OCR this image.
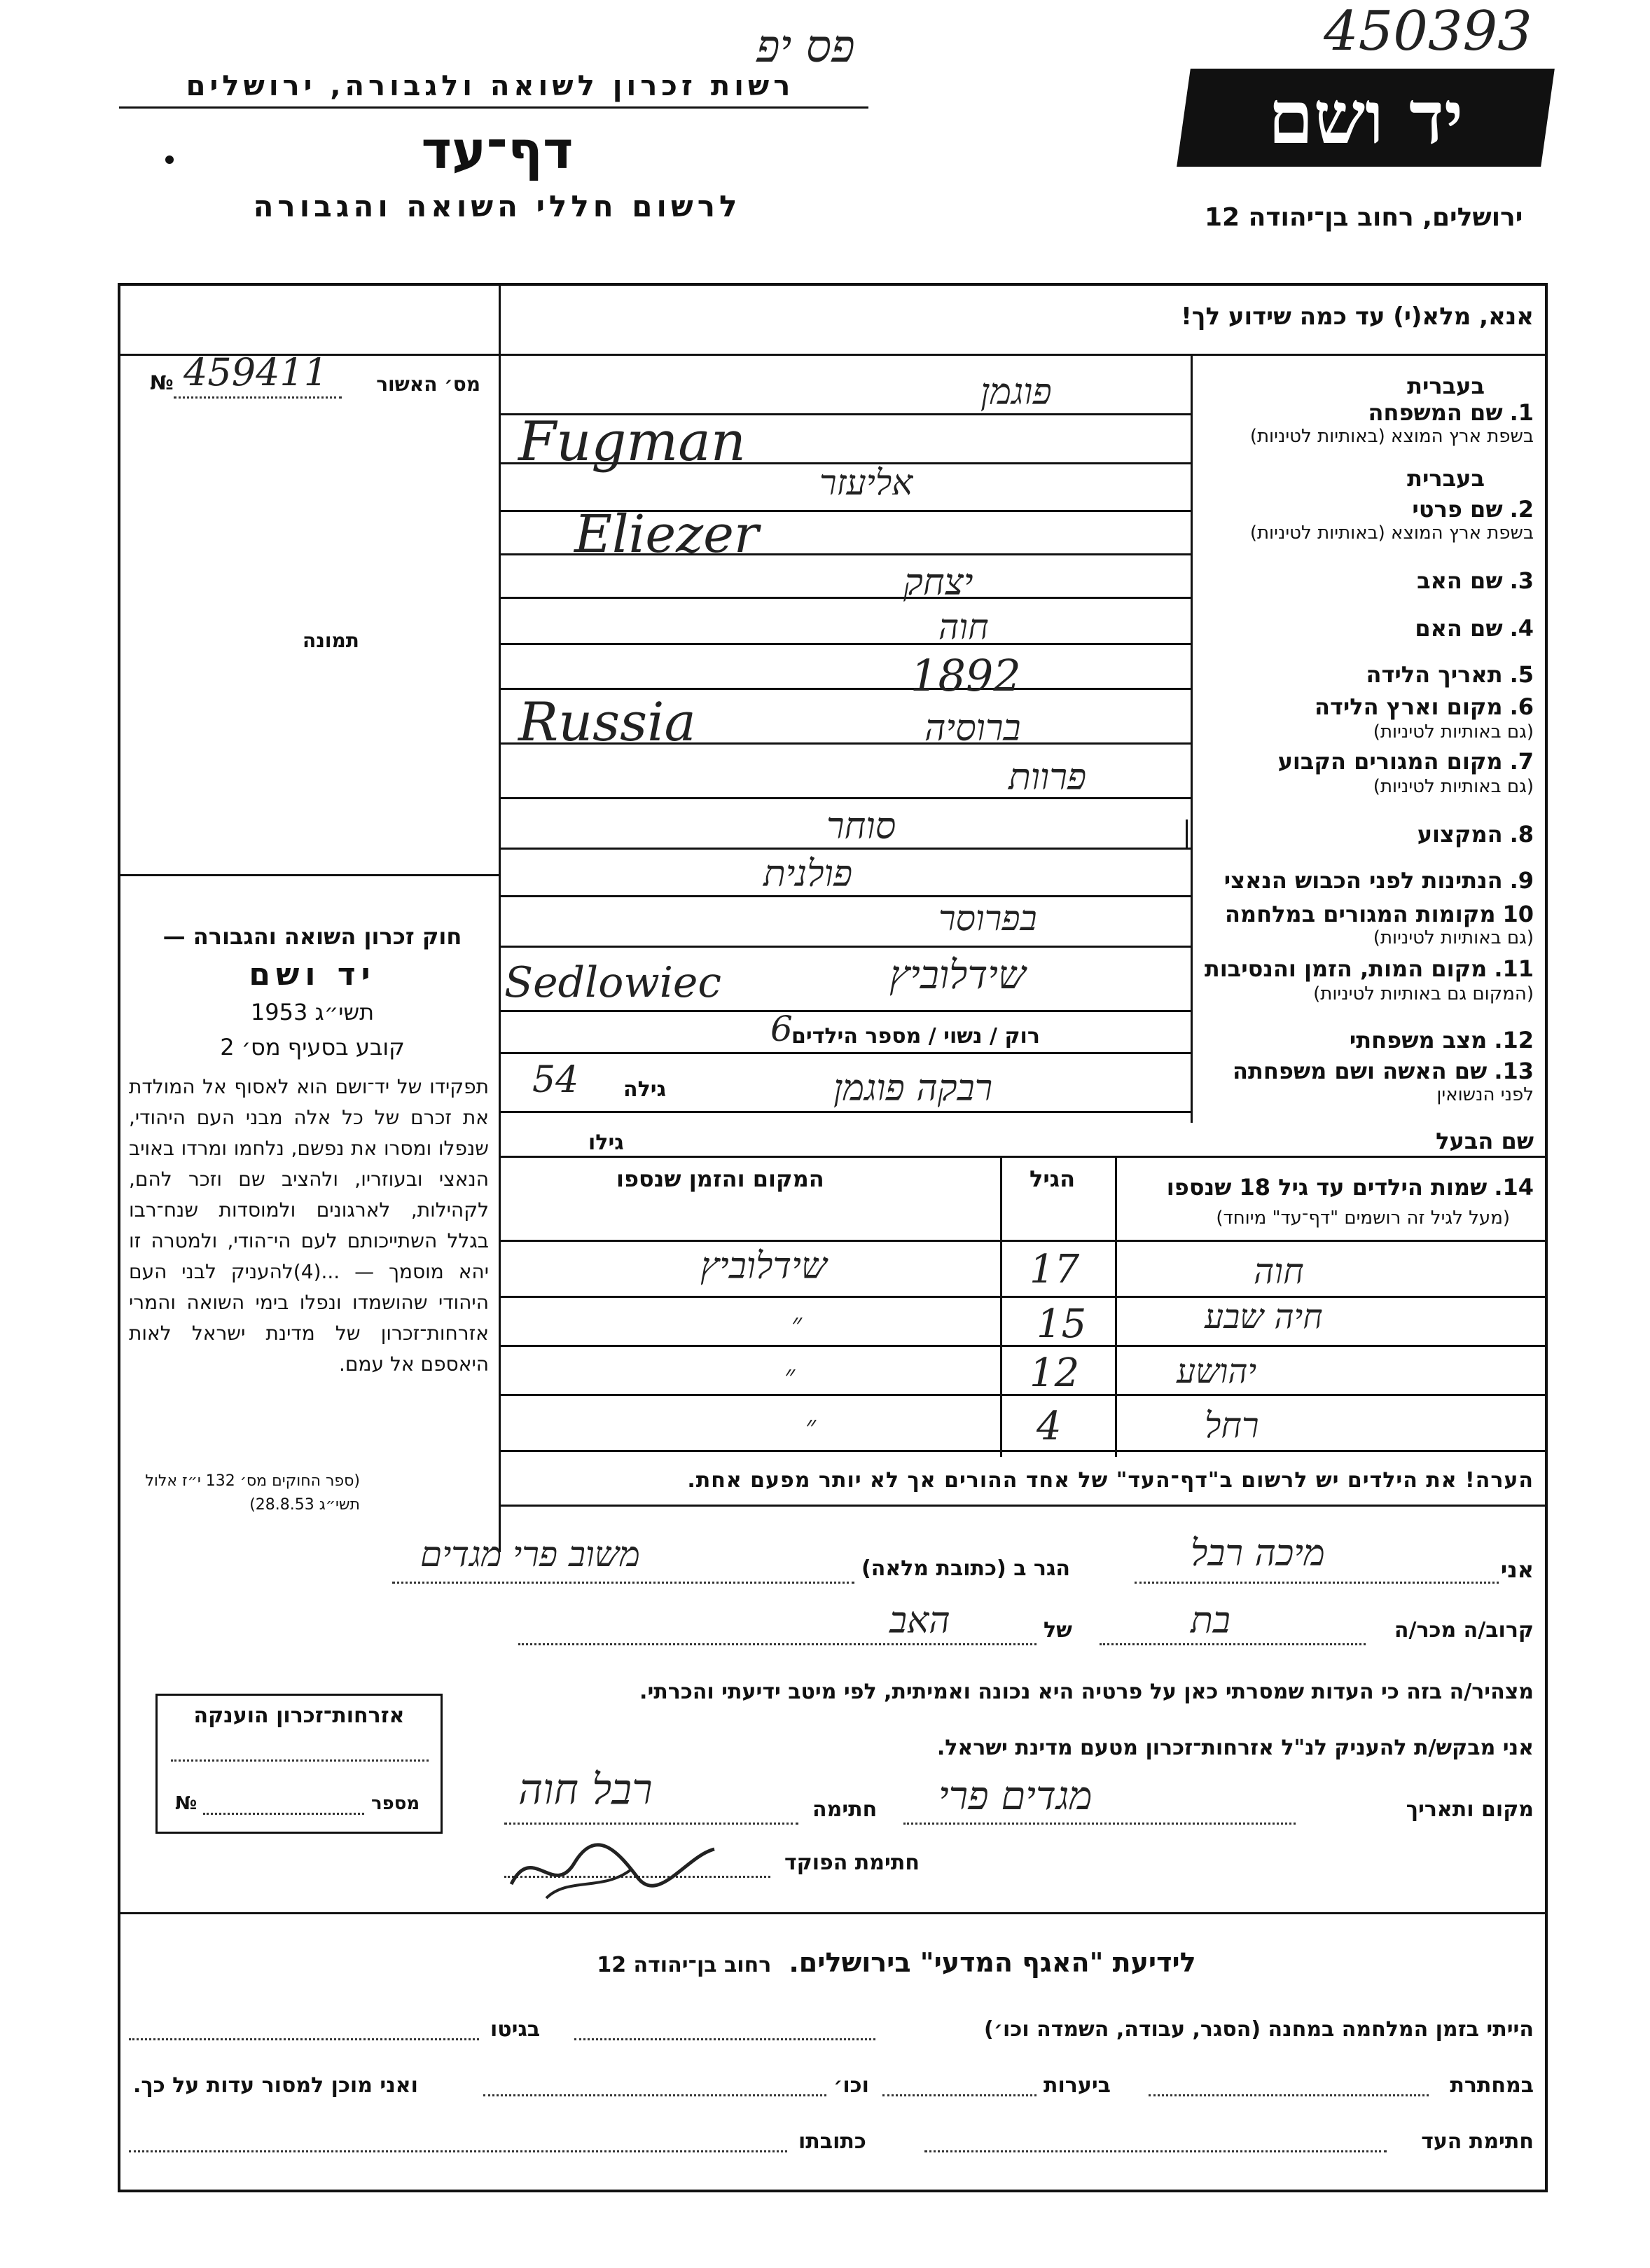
450393
פס יפ
רשות זכרון לשואה ולגבורה, ירושלים
דף־עד
לרשום חללי השואה והגבורה
יד ושם
ירושלים, רחוב בן־יהודה 12
אנא, מלא(י) עד כמה שידוע לך!
מס׳ האשור
№ 459411
תמונה
בעברית
1.שם המשפחה
בשפת ארץ המוצא (באותיות לטיניות)
בעברית
2.שם פרטי
בשפת ארץ המוצא (באותיות לטיניות)
3.שם האב
4.שם האם
5.תאריך הלידה
6.מקום וארץ הלידה
(גם באותיות לטיניות)
7.מקום המגורים הקבוע
(גם באותיות לטיניות)
8.המקצוע
9.הנתינות לפני הכבוש הנאצי
10מקומות המגורים במלחמה
(גם באותיות לטיניות)
11.מקום המות, הזמן והנסיבות
(המקום גם באותיות לטיניות)
12.מצב משפחתי
13.שם האשה ושם משפחתה
לפני הנשואין
פוגמן
Fugman
אליעזר
Eliezer
יצחק
חוה
1892
ברוסיה
Russia
פרוות
סוחר
פולנית
בפרוסר
שידלוביץ
Sedlowiec
רוק / נשוי / מספר הילדים
6
רבקה פוגמן
גילה
54
שם הבעל
גילו
14.שמות הילדים עד גיל 18 שנספו
(מעל לגיל זה רושמים "דף־עד" מיוחד)
הגיל
המקום והזמן שנספו
חוה
17
שידלוביץ
חיה שבע
15
״
יהושע
12
״
רחל
4
״
הערה! את הילדים יש לרשום ב"דף־העד" של אחד ההורים אך לא יותר מפעם אחת.
חוק זכרון השואה והגבורה —
יד ושם
תשי״ג 1953
קובע בסעיף מס׳ 2
תפקידו של יד־ושם הוא לאסוף אל המולדת את זכרם של כל אלה מבני העם היהודי, שנפלו ומסרו את נפשם, נלחמו ומרדו באויב הנאצי ובעוזריו, ולהציב שם וזכר להם, לקהילות, לארגונים ולמוסדות שנח־רבו בגלל השתייכותם לעם הי־הודי, ולמטרה זו יהא מוסמך — ...(4)להעניק לבני העם היהודי שהושמדו ונפלו בימי השואה והמרי אזרחות־זכרון של מדינת ישראל לאות היאספם אל עמם.
(ספר החוקים מס׳ 132 י״ז אלול תשי״ג 28.8.53)
אני
מיכה רבל
הגר ב (כתובת מלאה)
משוב פרי מגדים
קרוב/ה מכר/ה
בת
של
האב
מצהיר/ה בזה כי העדות שמסרתי כאן על פרטיה היא נכונה ואמיתית, לפי מיטב ידיעתי והכרתי.
אני מבקש/ת להעניק לנ"ל אזרחות־זכרון מטעם מדינת ישראל.
מקום ותאריך
מגדים פרי
חתימה
רבל חוה
חתימת הפוקד
אזרחות־זכרון הוענקה
מספר
№
לידיעת "האגף המדעי" בירושלים. רחוב בן־יהודה 12
הייתי בזמן המלחמה במחנה (הסגר, עבודה, השמדה וכו׳)
בגיטו
במחתרת
ביערות
וכו׳
ואני מוכן למסור עדות על כך.
חתימת העד
כתובתו
